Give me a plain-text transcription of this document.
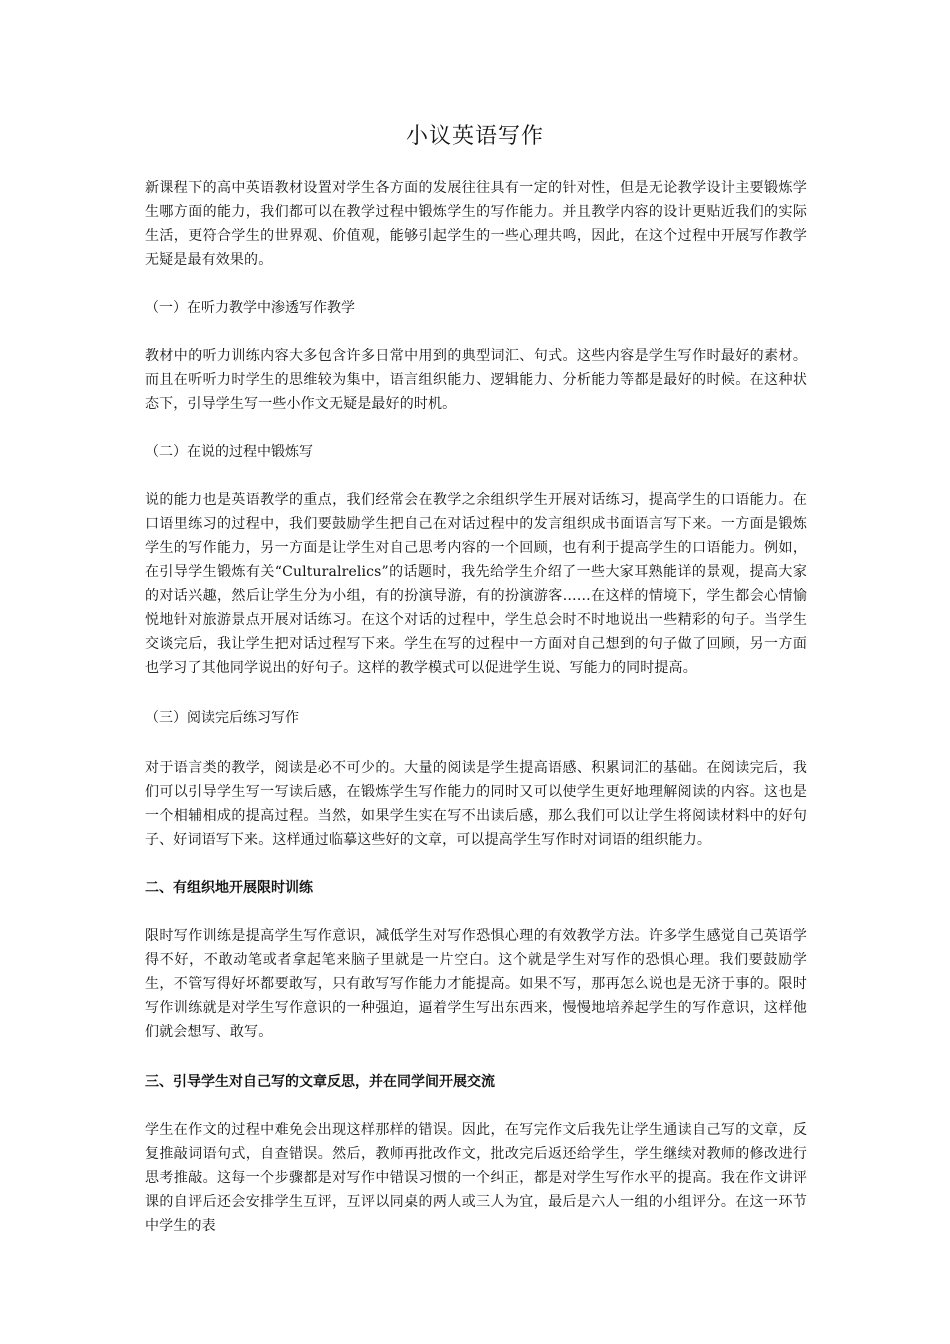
小议英语写作

新课程下的高中英语教材设置对学生各方面的发展往往具有一定的针对性，但是无论教学设计主要锻炼学生哪方面的能力，我们都可以在教学过程中锻炼学生的写作能力。并且教学内容的设计更贴近我们的实际生活，更符合学生的世界观、价值观，能够引起学生的一些心理共鸣，因此，在这个过程中开展写作教学无疑是最有效果的。

（一）在听力教学中渗透写作教学

教材中的听力训练内容大多包含许多日常中用到的典型词汇、句式。这些内容是学生写作时最好的素材。而且在听听力时学生的思维较为集中，语言组织能力、逻辑能力、分析能力等都是最好的时候。在这种状态下，引导学生写一些小作文无疑是最好的时机。

（二）在说的过程中锻炼写

说的能力也是英语教学的重点，我们经常会在教学之余组织学生开展对话练习，提高学生的口语能力。在口语里练习的过程中，我们要鼓励学生把自己在对话过程中的发言组织成书面语言写下来。一方面是锻炼学生的写作能力，另一方面是让学生对自己思考内容的一个回顾，也有利于提高学生的口语能力。例如，在引导学生锻炼有关“Culturalrelics”的话题时，我先给学生介绍了一些大家耳熟能详的景观，提高大家的对话兴趣，然后让学生分为小组，有的扮演导游，有的扮演游客……在这样的情境下，学生都会心情愉悦地针对旅游景点开展对话练习。在这个对话的过程中，学生总会时不时地说出一些精彩的句子。当学生交谈完后，我让学生把对话过程写下来。学生在写的过程中一方面对自己想到的句子做了回顾，另一方面也学习了其他同学说出的好句子。这样的教学模式可以促进学生说、写能力的同时提高。

（三）阅读完后练习写作

对于语言类的教学，阅读是必不可少的。大量的阅读是学生提高语感、积累词汇的基础。在阅读完后，我们可以引导学生写一写读后感，在锻炼学生写作能力的同时又可以使学生更好地理解阅读的内容。这也是一个相辅相成的提高过程。当然，如果学生实在写不出读后感，那么我们可以让学生将阅读材料中的好句子、好词语写下来。这样通过临摹这些好的文章，可以提高学生写作时对词语的组织能力。

二、有组织地开展限时训练

限时写作训练是提高学生写作意识，减低学生对写作恐惧心理的有效教学方法。许多学生感觉自己英语学得不好，不敢动笔或者拿起笔来脑子里就是一片空白。这个就是学生对写作的恐惧心理。我们要鼓励学生，不管写得好坏都要敢写，只有敢写写作能力才能提高。如果不写，那再怎么说也是无济于事的。限时写作训练就是对学生写作意识的一种强迫，逼着学生写出东西来，慢慢地培养起学生的写作意识，这样他们就会想写、敢写。

三、引导学生对自己写的文章反思，并在同学间开展交流

学生在作文的过程中难免会出现这样那样的错误。因此，在写完作文后我先让学生通读自己写的文章，反复推敲词语句式，自查错误。然后，教师再批改作文，批改完后返还给学生，学生继续对教师的修改进行思考推敲。这每一个步骤都是对写作中错误习惯的一个纠正，都是对学生写作水平的提高。我在作文讲评课的自评后还会安排学生互评，互评以同桌的两人或三人为宜，最后是六人一组的小组评分。在这一环节中学生的表
